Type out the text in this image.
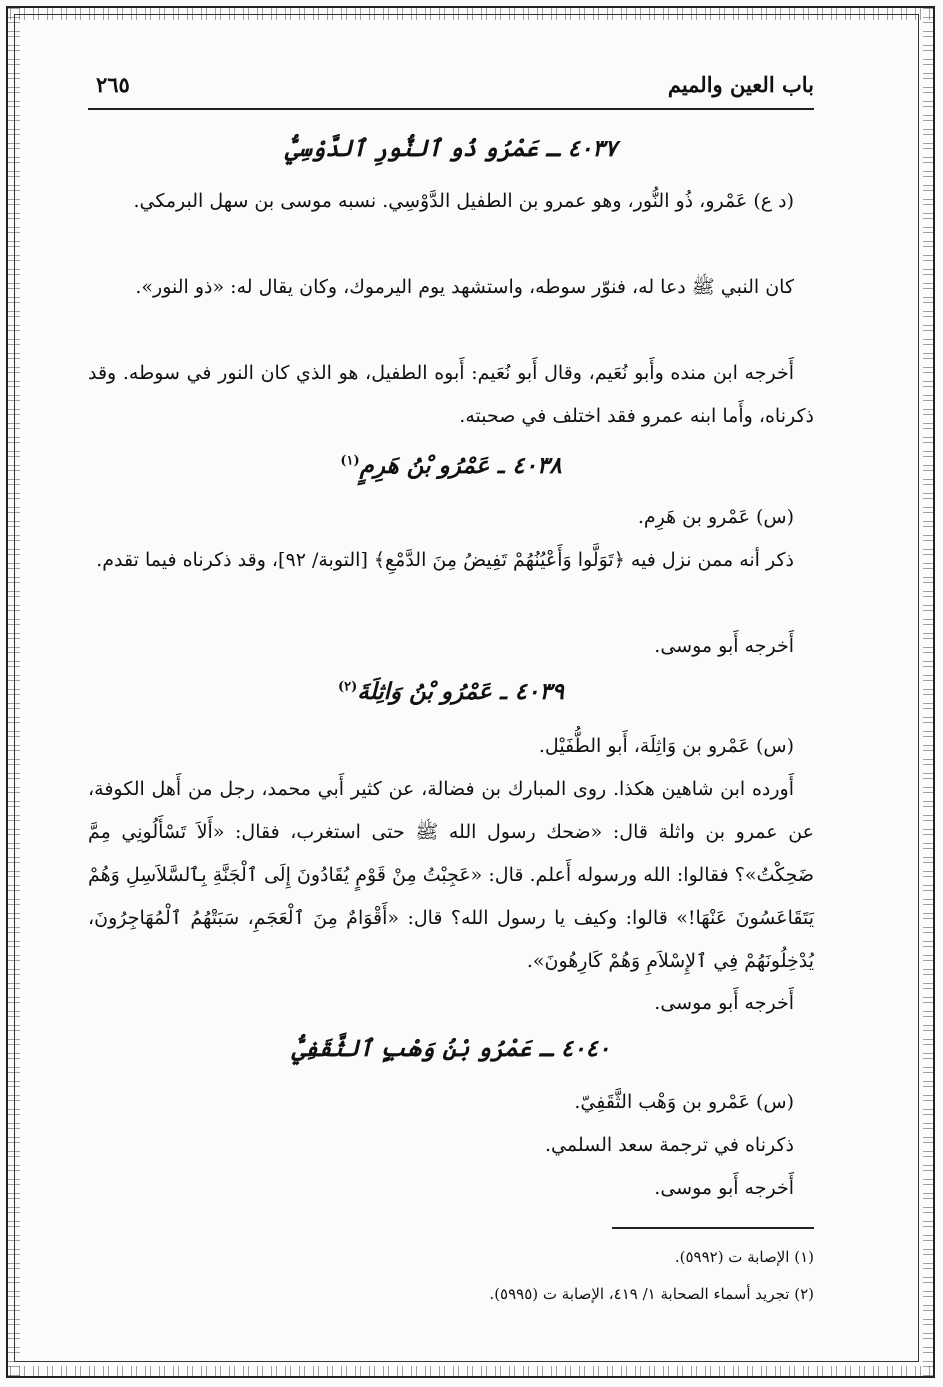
باب العين والميم
٢٦٥
٤٠٣٧ ـ عَمْرُو ذُو ٱلنُّورِ ٱلدَّوْسِيُّ
(د ع) عَمْرو، ذُو النُّور، وهو عمرو بن الطفيل الدَّوْسِي. نسبه موسى بن سهل البرمكي.
كان النبي ﷺ دعا له، فنوّر سوطه، واستشهد يوم اليرموك، وكان يقال له: «ذو النور».
أَخرجه ابن منده وأَبو نُعَيم، وقال أَبو نُعَيم: أَبوه الطفيل، هو الذي كان النور في سوطه. وقد ذكرناه، وأَما ابنه عمرو فقد اختلف في صحبته.
٤٠٣٨ ـ عَمْرُو بْنُ هَرِمٍ$^{(١)}$
(س) عَمْرو بن هَرِم.
ذكر أنه ممن نزل فيه ﴿تَوَلَّوا وَأَعْيُنُهُمْ تَفِيضُ مِنَ الدَّمْعِ﴾ [التوبة/ ٩٢]، وقد ذكرناه فيما تقدم.
أَخرجه أَبو موسى.
٤٠٣٩ ـ عَمْرُو بْنُ وَاثِلَةَ$^{(٢)}$
(س) عَمْرو بن وَاثِلَة، أَبو الطُّفَيْل.
أَورده ابن شاهين هكذا. روى المبارك بن فضالة، عن كثير أَبي محمد، رجل من أَهل الكوفة، عن عمرو بن واثلة قال: «ضحك رسول الله ﷺ حتى استغرب، فقال: «أَلاَ تَسْأَلُونِي مِمَّ ضَحِكْتُ»؟ فقالوا: الله ورسوله أَعلم. قال: «عَجِبْتُ مِنْ قَوْمٍ يُقَادُونَ إِلَى ٱلْجَنَّةِ بِٱلسَّلاَسِلِ وَهُمْ يَتَقَاعَسُونَ عَنْهَا!» قالوا: وكيف يا رسول الله؟ قال: «أَقْوَامٌ مِنَ ٱلْعَجَمِ، سَبَتْهُمُ ٱلْمُهَاجِرُونَ، يُدْخِلُونَهُمْ فِي ٱلإِسْلاَمِ وَهُمْ كَارِهُونَ».
أَخرجه أَبو موسى.
٤٠٤٠ ـ عَمْرُو بْنُ وَهْبٍ ٱلثَّقَفِيُّ
(س) عَمْرو بن وَهْب الثَّقَفِيّ.
ذكرناه في ترجمة سعد السلمي.
أَخرجه أَبو موسى.
(١) الإصابة ت (٥٩٩٢).
(٢) تجريد أسماء الصحابة ١/ ٤١٩، الإصابة ت (٥٩٩٥).
